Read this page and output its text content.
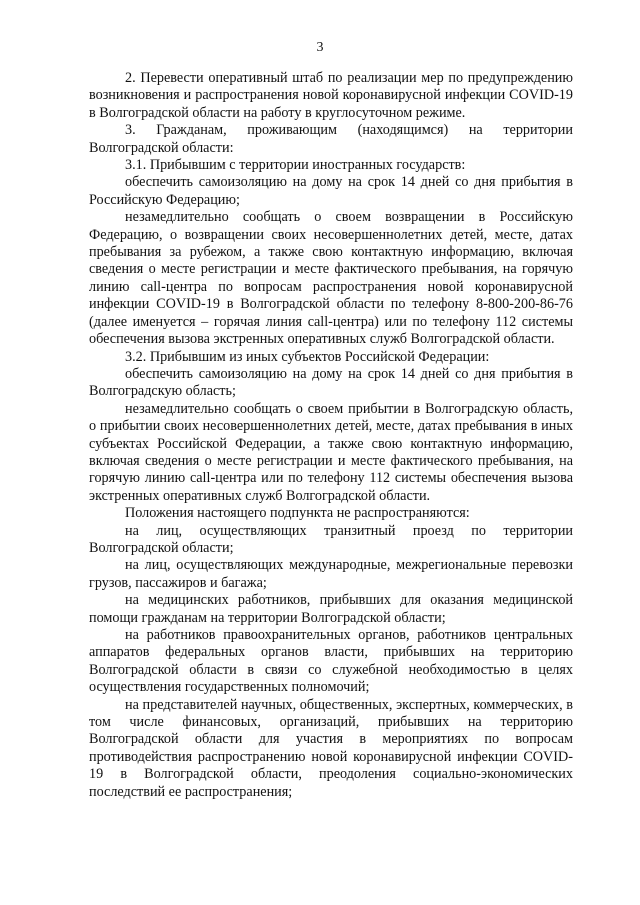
3

2. Перевести оперативный штаб по реализации мер по предупреждению возникновения и распространения новой коронавирусной инфекции COVID-19 в Волгоградской области на работу в круглосуточном режиме.

3. Гражданам, проживающим (находящимся) на территории Волгоградской области:

3.1. Прибывшим с территории иностранных государств:

обеспечить самоизоляцию на дому на срок 14 дней со дня прибытия в Российскую Федерацию;

незамедлительно сообщать о своем возвращении в Российскую Федерацию, о возвращении своих несовершеннолетних детей, месте, датах пребывания за рубежом, а также свою контактную информацию, включая сведения о месте регистрации и месте фактического пребывания, на горячую линию call-центра по вопросам распространения новой коронавирусной инфекции COVID-19 в Волгоградской области по телефону 8-800-200-86-76 (далее именуется – горячая линия call-центра) или по телефону 112 системы обеспечения вызова экстренных оперативных служб Волгоградской области.

3.2. Прибывшим из иных субъектов Российской Федерации:

обеспечить самоизоляцию на дому на срок 14 дней со дня прибытия в Волгоградскую область;

незамедлительно сообщать о своем прибытии в Волгоградскую область, о прибытии своих несовершеннолетних детей, месте, датах пребывания в иных субъектах Российской Федерации, а также свою контактную информацию, включая сведения о месте регистрации и месте фактического пребывания, на горячую линию call-центра или по телефону 112 системы обеспечения вызова экстренных оперативных служб Волгоградской области.

Положения настоящего подпункта не распространяются:

на лиц, осуществляющих транзитный проезд по территории Волгоградской области;

на лиц, осуществляющих международные, межрегиональные перевозки грузов, пассажиров и багажа;

на медицинских работников, прибывших для оказания медицинской помощи гражданам на территории Волгоградской области;

на работников правоохранительных органов, работников центральных аппаратов федеральных органов власти, прибывших на территорию Волгоградской области в связи со служебной необходимостью в целях осуществления государственных полномочий;

на представителей научных, общественных, экспертных, коммерческих, в том числе финансовых, организаций, прибывших на территорию Волгоградской области для участия в мероприятиях по вопросам противодействия распространению новой коронавирусной инфекции COVID-19 в Волгоградской области, преодоления социально-экономических последствий ее распространения;
